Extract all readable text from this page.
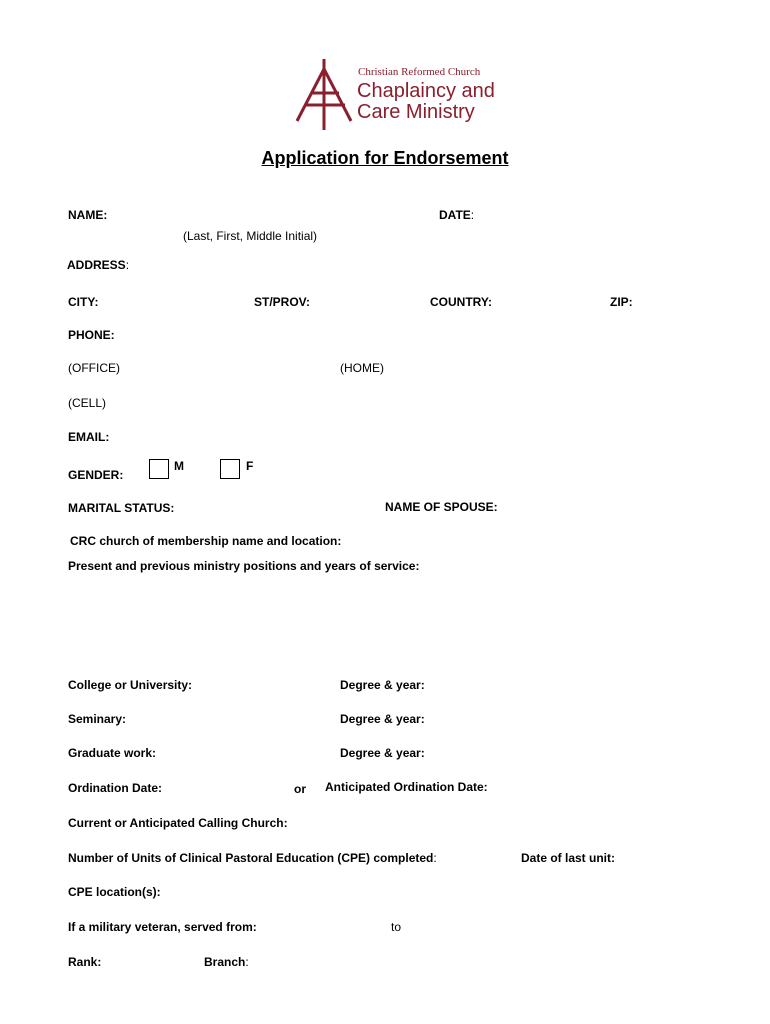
Christian Reformed Church
Chaplaincy and
Care Ministry
Application for Endorsement
NAME:	DATE:
(Last, First, Middle Initial)
ADDRESS:
CITY:	ST/PROV:	COUNTRY:	ZIP:
PHONE:
(OFFICE)	(HOME)
(CELL)
EMAIL:
GENDER:
M	F
MARITAL STATUS:	NAME OF SPOUSE:
CRC church of membership name and location:
Present and previous ministry positions and years of service:
College or University:	Degree & year:
Seminary:	Degree & year:
Graduate work:	Degree & year:
Ordination Date:	or Anticipated Ordination Date:
Current or Anticipated Calling Church:
Number of Units of Clinical Pastoral Education (CPE) completed:	Date of last unit:
CPE location(s):
If a military veteran, served from:	to
Rank:	Branch:
